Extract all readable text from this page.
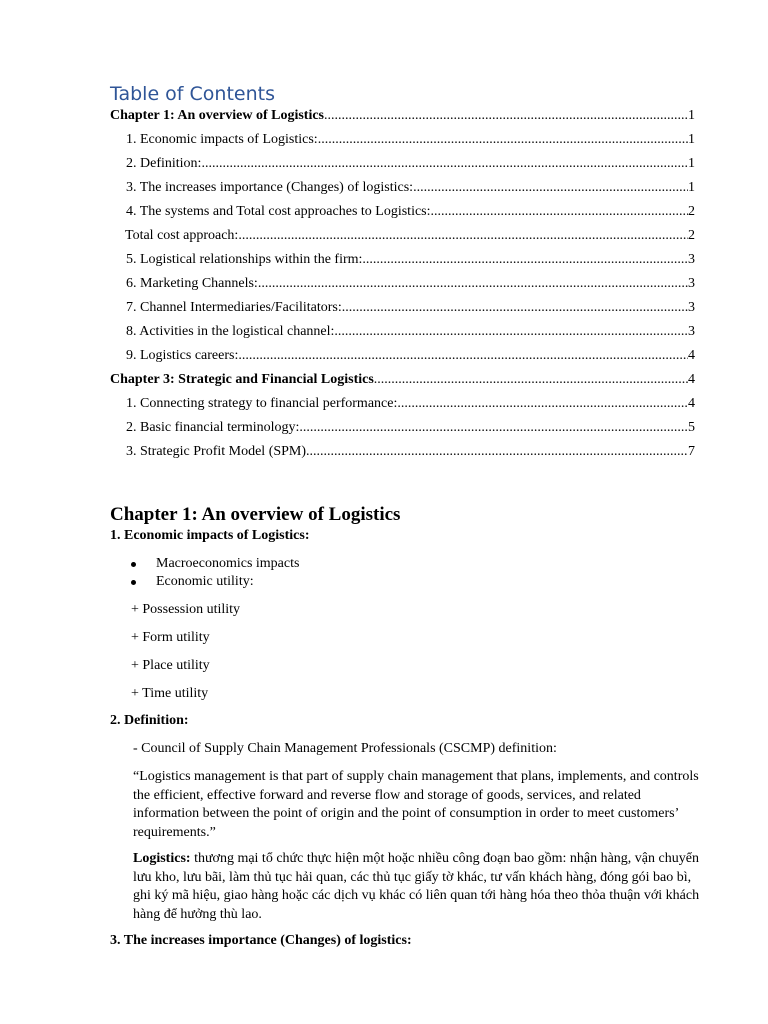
Table of Contents
Chapter 1: An overview of Logistics .....	1
1. Economic impacts of Logistics: .....	1
2. Definition: .....	1
3. The increases importance (Changes) of logistics: .....	1
4. The systems and Total cost approaches to Logistics: .....	2
Total cost approach: .....	2
5. Logistical relationships within the firm: .....	3
6. Marketing Channels: .....	3
7. Channel Intermediaries/Facilitators: .....	3
8. Activities in the logistical channel: .....	3
9. Logistics careers: .....	4
Chapter 3: Strategic and Financial Logistics .....	4
1. Connecting strategy to financial performance: .....	4
2. Basic financial terminology: .....	5
3. Strategic Profit Model (SPM) .....	7
Chapter 1: An overview of Logistics
1. Economic impacts of Logistics:
Macroeconomics impacts
Economic utility:

+ Possession utility

+ Form utility

+ Place utility

+ Time utility

2. Definition:

- Council of Supply Chain Management Professionals (CSCMP) definition:

“Logistics management is that part of supply chain management that plans, implements, and controls the efficient, effective forward and reverse flow and storage of goods, services, and related information between the point of origin and the point of consumption in order to meet customers’ requirements.”

Logistics: thương mại tổ chức thực hiện một hoặc nhiều công đoạn bao gồm: nhận hàng, vận chuyển lưu kho, lưu bãi, làm thủ tục hải quan, các thủ tục giấy tờ khác, tư vấn khách hàng, đóng gói bao bì, ghi ký mã hiệu, giao hàng hoặc các dịch vụ khác có liên quan tới hàng hóa theo thỏa thuận với khách hàng để hưởng thù lao.

3. The increases importance (Changes) of logistics:
